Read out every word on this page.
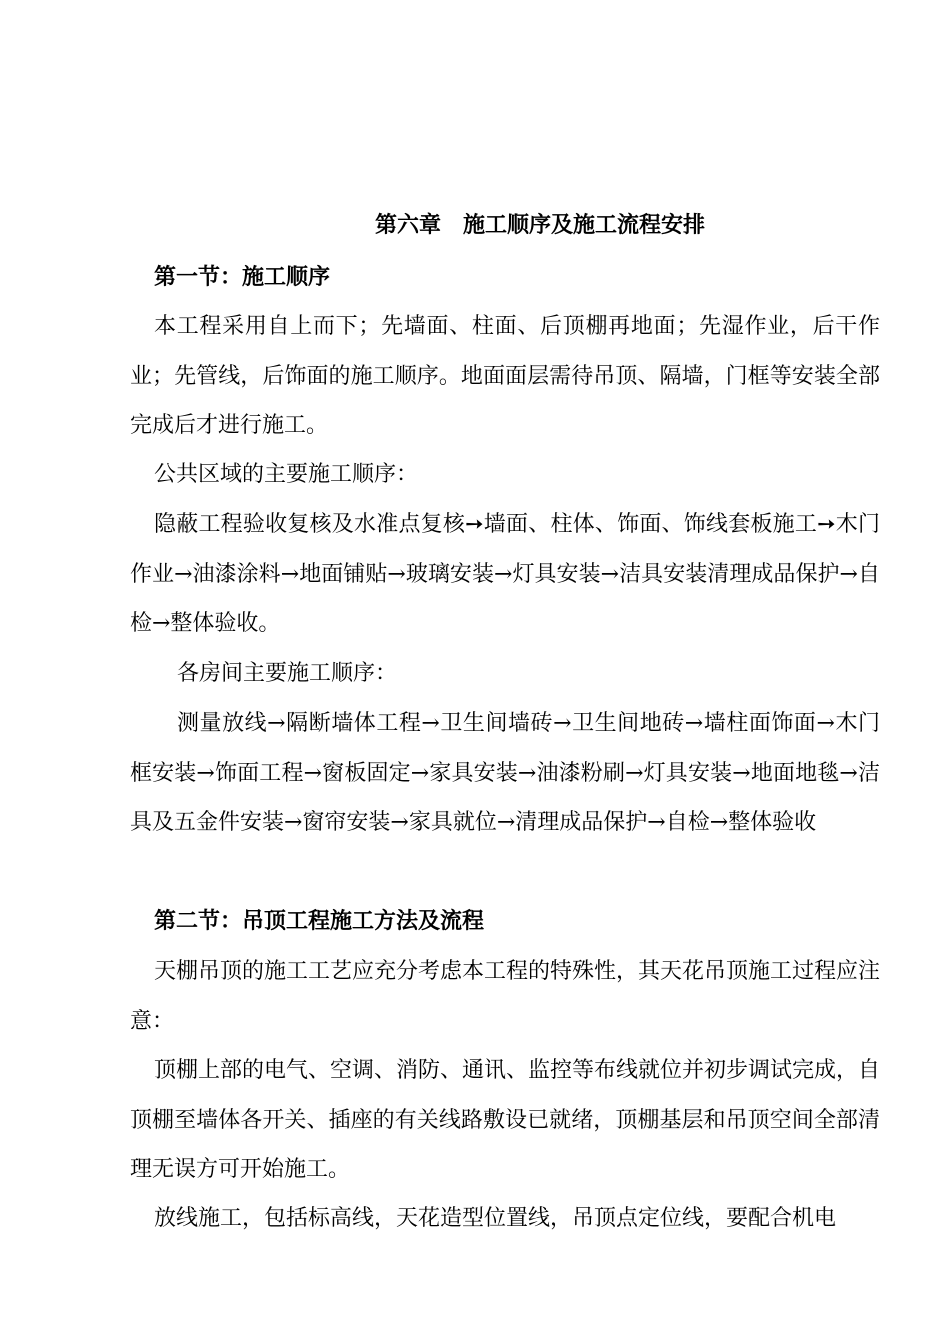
第六章　施工顺序及施工流程安排
第一节：施工顺序
本工程采用自上而下；先墙面、柱面、后顶棚再地面；先湿作业，后干作业；先管线，后饰面的施工顺序。地面面层需待吊顶、隔墙，门框等安装全部完成后才进行施工。
公共区域的主要施工顺序：
隐蔽工程验收复核及水准点复核➙墙面、柱体、饰面、饰线套板施工➙木门作业→油漆涂料→地面铺贴→玻璃安装→灯具安装→洁具安装清理成品保护→自检→整体验收。
各房间主要施工顺序：
测量放线→隔断墙体工程→卫生间墙砖→卫生间地砖→墙柱面饰面→木门框安装→饰面工程→窗板固定→家具安装→油漆粉刷→灯具安装→地面地毯→洁具及五金件安装→窗帘安装→家具就位→清理成品保护→自检→整体验收
第二节：吊顶工程施工方法及流程
天棚吊顶的施工工艺应充分考虑本工程的特殊性，其天花吊顶施工过程应注意：
顶棚上部的电气、空调、消防、通讯、监控等布线就位并初步调试完成，自顶棚至墙体各开关、插座的有关线路敷设已就绪，顶棚基层和吊顶空间全部清理无误方可开始施工。
放线施工，包括标高线，天花造型位置线，吊顶点定位线，要配合机电
